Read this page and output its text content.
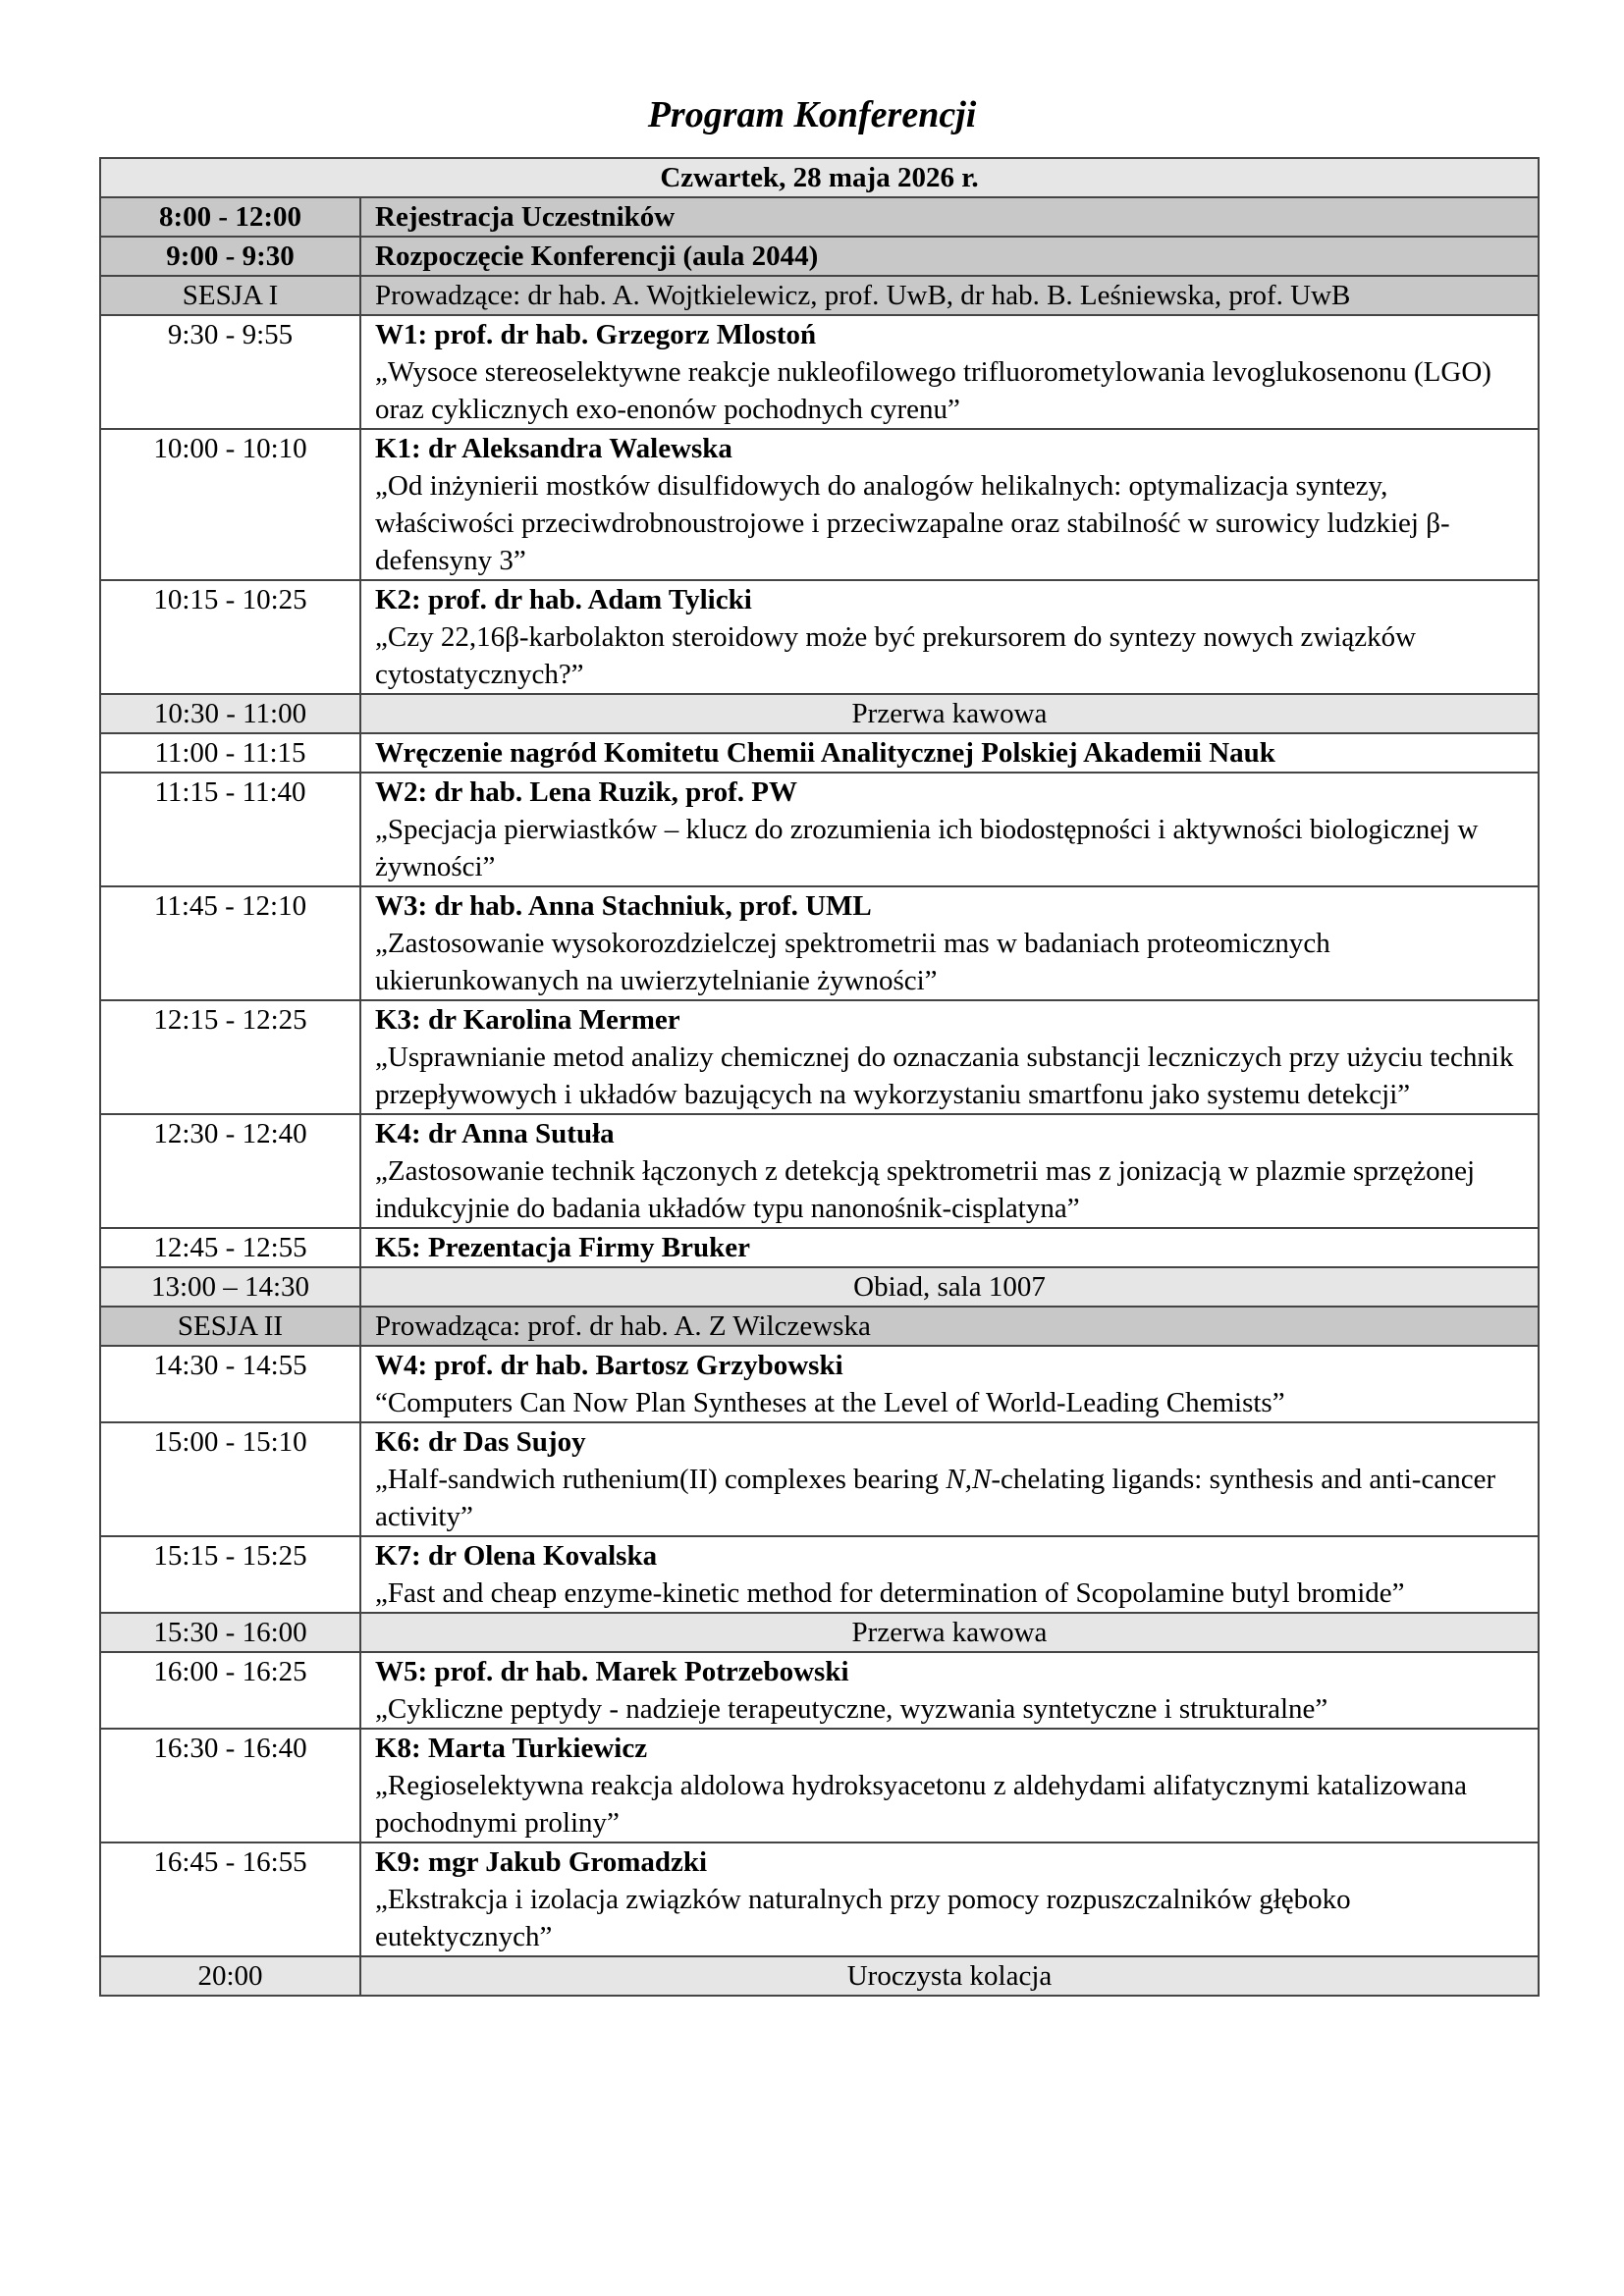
Program Konferencji
Czwartek, 28 maja 2026 r.	
8:00 - 12:00	Rejestracja Uczestników
9:00 - 9:30	Rozpoczęcie Konferencji (aula 2044)
SESJA I	Prowadzące: dr hab. A. Wojtkielewicz, prof. UwB, dr hab. B. Leśniewska, prof. UwB
9:30 - 9:55	W1: prof. dr hab. Grzegorz Mlostoń
„Wysoce stereoselektywne reakcje nukleofilowego trifluorometylowania levoglukosenonu (LGO) oraz cyklicznych exo-enonów pochodnych cyrenu”

10:00 - 10:10	K1: dr Aleksandra Walewska
„Od inżynierii mostków disulfidowych do analogów helikalnych: optymalizacja syntezy, właściwości przeciwdrobnoustrojowe i przeciwzapalne oraz stabilność w surowicy ludzkiej β-defensyny 3”

10:15 - 10:25	K2: prof. dr hab. Adam Tylicki
„Czy 22,16β-karbolakton steroidowy może być prekursorem do syntezy nowych związków cytostatycznych?”

10:30 - 11:00	Przerwa kawowa
11:00 - 11:15	Wręczenie nagród Komitetu Chemii Analitycznej Polskiej Akademii Nauk
11:15 - 11:40	W2: dr hab. Lena Ruzik, prof. PW
„Specjacja pierwiastków – klucz do zrozumienia ich biodostępności i aktywności biologicznej w żywności”

11:45 - 12:10	W3: dr hab. Anna Stachniuk, prof. UML
„Zastosowanie wysokorozdzielczej spektrometrii mas w badaniach proteomicznych ukierunkowanych na uwierzytelnianie żywności”

12:15 - 12:25	K3: dr Karolina Mermer
„Usprawnianie metod analizy chemicznej do oznaczania substancji leczniczych przy użyciu technik przepływowych i układów bazujących na wykorzystaniu smartfonu jako systemu detekcji”

12:30 - 12:40	K4: dr Anna Sutuła
„Zastosowanie technik łączonych z detekcją spektrometrii mas z jonizacją w plazmie sprzężonej indukcyjnie do badania układów typu nanonośnik-cisplatyna”

12:45 - 12:55	K5: Prezentacja Firmy Bruker
13:00 – 14:30	Obiad, sala 1007
SESJA II	Prowadząca: prof. dr hab. A. Z Wilczewska
14:30 - 14:55	W4: prof. dr hab. Bartosz Grzybowski
“Computers Can Now Plan Syntheses at the Level of World-Leading Chemists”

15:00 - 15:10	K6: dr Das Sujoy
„Half-sandwich ruthenium(II) complexes bearing N,N-chelating ligands: synthesis and anti-cancer activity”

15:15 - 15:25	K7: dr Olena Kovalska
„Fast and cheap enzyme-kinetic method for determination of Scopolamine butyl bromide”

15:30 - 16:00	Przerwa kawowa
16:00 - 16:25	W5: prof. dr hab. Marek Potrzebowski
„Cykliczne peptydy - nadzieje terapeutyczne, wyzwania syntetyczne i strukturalne”

16:30 - 16:40	K8: Marta Turkiewicz
„Regioselektywna reakcja aldolowa hydroksyacetonu z aldehydami alifatycznymi katalizowana pochodnymi proliny”

16:45 - 16:55	K9: mgr Jakub Gromadzki
„Ekstrakcja i izolacja związków naturalnych przy pomocy rozpuszczalników głęboko eutektycznych”

20:00	Uroczysta kolacja
